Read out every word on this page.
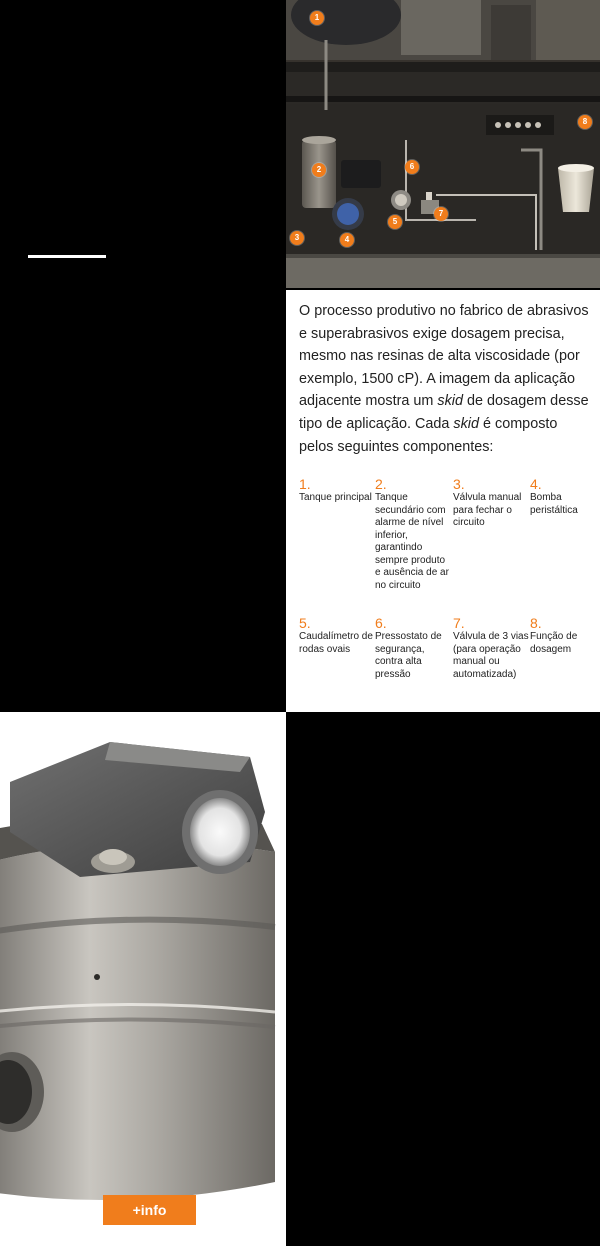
DON
Caudalímetro de rodas ovais
Medição de caudal de resina de alta viscosidade
1
2
3	4
5
6
7
8
Tarefa:
Em viscosidades elevadas e dependendo da variação de temperatura, a bomba peristáltica (bomba de deslocamento positivo composta por tubo flexível e rolo(s) que deslocam o fluído de uma extremidade do tubo para a outra) não é capaz de deslocar o fluído completamente. Isso significa que parte do fluído volta para trás através do caudalímetro, resultando em medições com erro. Além disso, a pressão operacional desenvolvida pela bomba peristáltica de tamanho pequeno é bastante baixa.
O processo produtivo no fabrico de abrasivos e superabrasivos exige dosagem precisa, mesmo nas resinas de alta viscosidade (por exemplo, 1500 cP). A imagem da aplicação adjacente mostra um skid de dosagem desse tipo de aplicação. Cada skid é composto pelos seguintes componentes:
1.
Tanque principal
2.
Tanque secundário com alarme de nível inferior, garantindo sempre produto e ausência de ar no circuito
3.
Válvula manual para fechar o circuito
4.
Bomba peristáltica
5.
Caudalímetro de rodas ovais
6.
Pressostato de segurança, contra alta pressão
7.
Válvula de 3 vias (para operação manual ou automatizada)
8.
Função de dosagem
+info
Solução:
Os caudalímetros de rodas ovais modelo DON podem ser fornecidos com rotores de corte especiais, reduzindo a queda de pressão em 50%.
Com a saída opcional “sensor Hall quádruplo de duplo impulso” terá duas saídas de impulso desfasadas "A" e "B", para que o caudal efetivo "A-B" possa ser calculado corretamente pelo PLC.
O caudal efetivo também pode ser calculado usando o módulo eletrónico ZOK-Z3 com um discriminador de pulsos pelo meio. Com o modelo DON, conseguimos resolver todos os problemas desta aplicação e realizar uma dosagem muito fina de resinas, resultando numa melhor repetibilidade e superior qualidade dos abrasivos produzidos.
